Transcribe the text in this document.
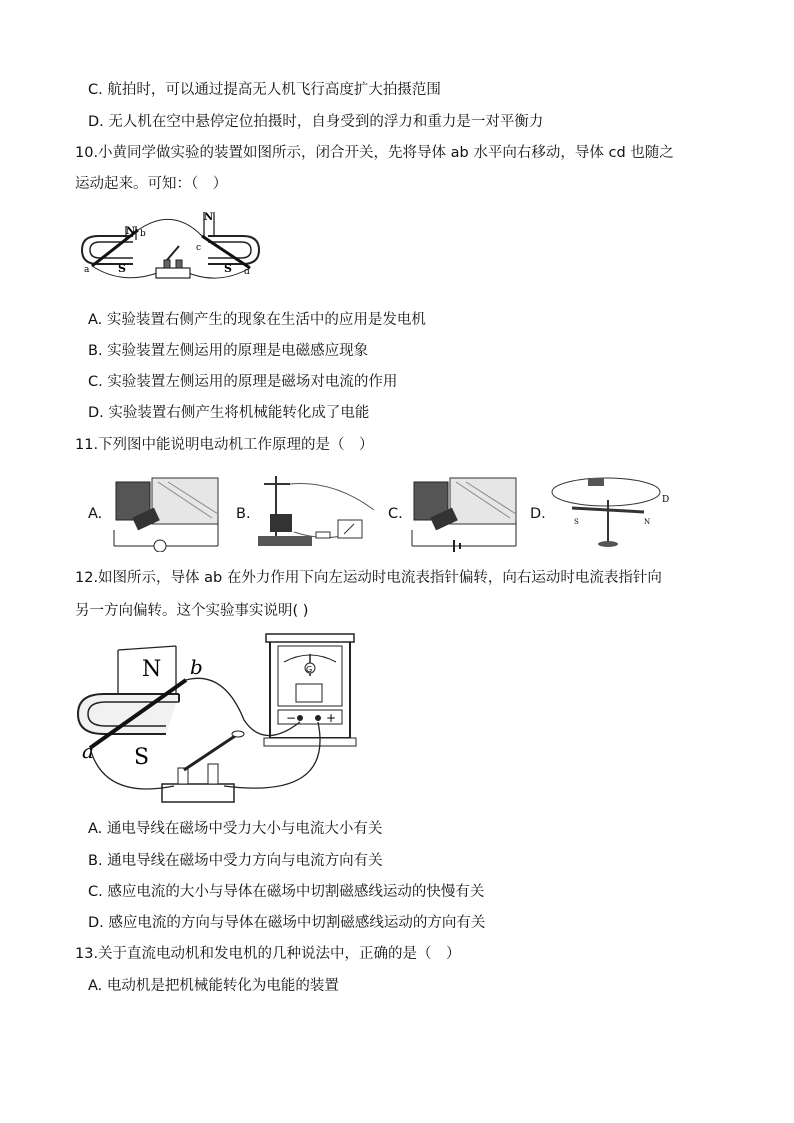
C. 航拍时，可以通过提高无人机飞行高度扩大拍摄范围
D. 无人机在空中悬停定位拍摄时，自身受到的浮力和重力是一对平衡力
10.小黄同学做实验的装置如图所示，闭合开关，先将导体 ab 水平向右移动，导体 cd 也随之
运动起来。可知：（　）
N
S
a
b
N
S
c
d
A. 实验装置右侧产生的现象在生活中的应用是发电机
B. 实验装置左侧运用的原理是电磁感应现象
C. 实验装置左侧运用的原理是磁场对电流的作用
D. 实验装置右侧产生将机械能转化成了电能
11.下列图中能说明电动机工作原理的是（　）
A.	B.	C.	D.	S	N
D
12.如图所示，导体 ab 在外力作用下向左运动时电流表指针偏转，向右运动时电流表指针向
另一方向偏转。这个实验事实说明( )
N
S
a
b	G
− +
A. 通电导线在磁场中受力大小与电流大小有关
B. 通电导线在磁场中受力方向与电流方向有关
C. 感应电流的大小与导体在磁场中切割磁感线运动的快慢有关
D. 感应电流的方向与导体在磁场中切割磁感线运动的方向有关
13.关于直流电动机和发电机的几种说法中，正确的是（　）
A. 电动机是把机械能转化为电能的装置
